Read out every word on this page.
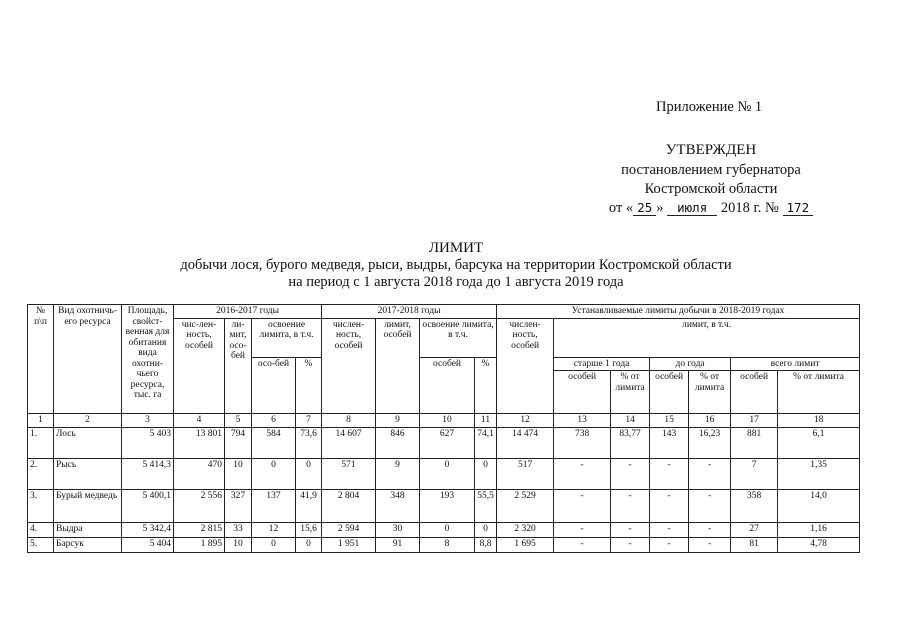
Приложение № 1
УТВЕРЖДЕН
постановлением губернатора
Костромской области
от « 25 » июля 2018 г. № 172
ЛИМИТ
добычи лося, бурого медведя, рыси, выдры, барсука на территории Костромской области
на период с 1 августа 2018 года до 1 августа 2019 года
№ п\п	Вид охотничь-его ресурса	Площадь, свойст-венная для обитания вида охотни-чьего ресурса, тыс. га	2016-2017 годы				2017-2018 годы				Устанавливаемые лимиты добычи в 2018-2019 годах						
			чис-лен-ность, особей	ли-мит, осо-бей	освоение лимита, в т.ч.		числен-ность, особей	лимит, особей	освоение лимита, в т.ч.		числен-ность, особей	лимит, в т.ч.					
					осо-бей	%			особей	%		старше 1 года		до года		всего лимит	
												особей	% от лимита	особей	% от лимита	особей	% от лимита
1	2	3	4	5	6	7	8	9	10	11	12	13	14	15	16	17	18
1.	Лось	5 403	13 801	794	584	73,6	14 607	846	627	74,1	14 474	738	83,77	143	16,23	881	6,1
2.	Рысь	5 414,3	470	10	0	0	571	9	0	0	517	-	-	-	-	7	1,35
3.	Бурый медведь	5 400,1	2 556	327	137	41,9	2 804	348	193	55,5	2 529	-	-	-	-	358	14,0
4.	Выдра	5 342,4	2 815	33	12	15,6	2 594	30	0	0	2 320	-	-	-	-	27	1,16
5.	Барсук	5 404	1 895	10	0	0	1 951	91	8	8,8	1 695	-	-	-	-	81	4,78
